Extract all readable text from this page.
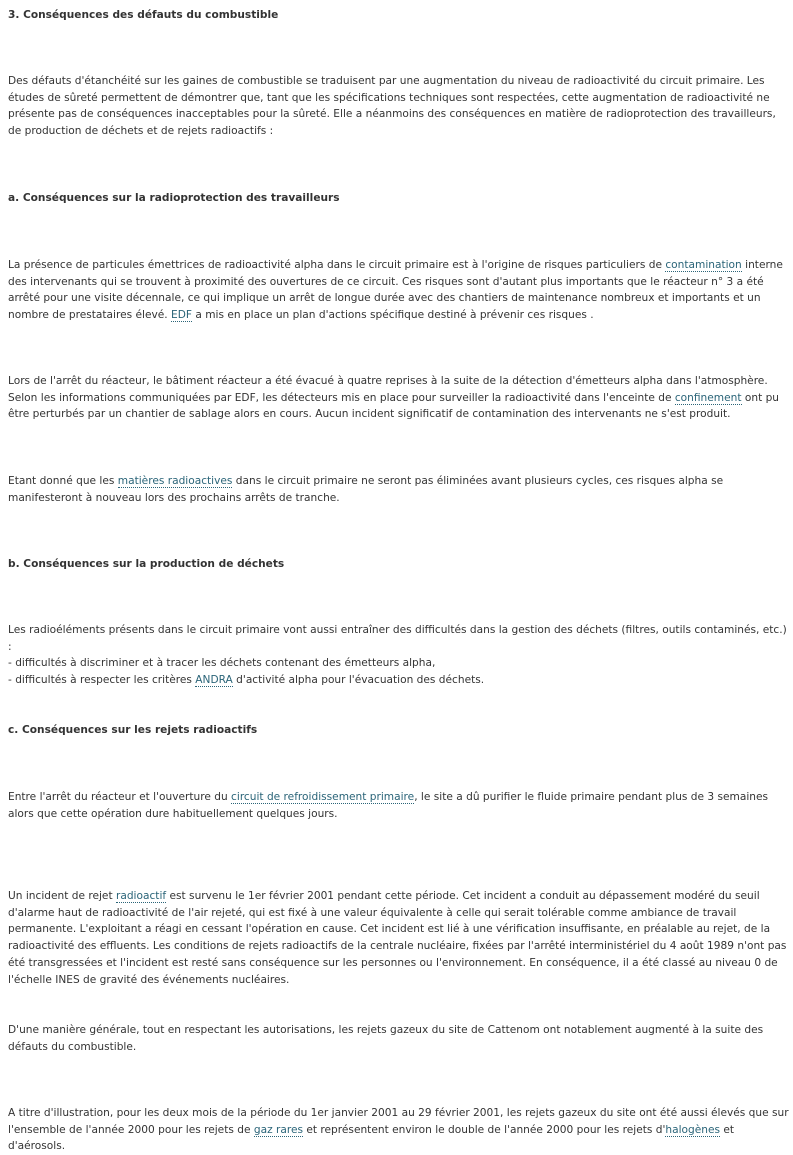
3. Conséquences des défauts du combustible

Des défauts d'étanchéité sur les gaines de combustible se traduisent par une augmentation du niveau de radioactivité du circuit primaire. Les études de sûreté permettent de démontrer que, tant que les spécifications techniques sont respectées, cette augmentation de radioactivité ne présente pas de conséquences inacceptables pour la sûreté. Elle a néanmoins des conséquences en matière de radioprotection des travailleurs, de production de déchets et de rejets radioactifs :

a. Conséquences sur la radioprotection des travailleurs

La présence de particules émettrices de radioactivité alpha dans le circuit primaire est à l'origine de risques particuliers de contamination interne des intervenants qui se trouvent à proximité des ouvertures de ce circuit. Ces risques sont d'autant plus importants que le réacteur n° 3 a été arrêté pour une visite décennale, ce qui implique un arrêt de longue durée avec des chantiers de maintenance nombreux et importants et un nombre de prestataires élevé. EDF a mis en place un plan d'actions spécifique destiné à prévenir ces risques .

Lors de l'arrêt du réacteur, le bâtiment réacteur a été évacué à quatre reprises à la suite de la détection d'émetteurs alpha dans l'atmosphère. Selon les informations communiquées par EDF, les détecteurs mis en place pour surveiller la radioactivité dans l'enceinte de confinement ont pu être perturbés par un chantier de sablage alors en cours. Aucun incident significatif de contamination des intervenants ne s'est produit.

Etant donné que les matières radioactives dans le circuit primaire ne seront pas éliminées avant plusieurs cycles, ces risques alpha se manifesteront à nouveau lors des prochains arrêts de tranche.

b. Conséquences sur la production de déchets

Les radioéléments présents dans le circuit primaire vont aussi entraîner des difficultés dans la gestion des déchets (filtres, outils contaminés, etc.) :
- difficultés à discriminer et à tracer les déchets contenant des émetteurs alpha,
- difficultés à respecter les critères ANDRA d'activité alpha pour l'évacuation des déchets.

c. Conséquences sur les rejets radioactifs

Entre l'arrêt du réacteur et l'ouverture du circuit de refroidissement primaire, le site a dû purifier le fluide primaire pendant plus de 3 semaines alors que cette opération dure habituellement quelques jours.

Un incident de rejet radioactif est survenu le 1er février 2001 pendant cette période. Cet incident a conduit au dépassement modéré du seuil d'alarme haut de radioactivité de l'air rejeté, qui est fixé à une valeur équivalente à celle qui serait tolérable comme ambiance de travail permanente. L'exploitant a réagi en cessant l'opération en cause. Cet incident est lié à une vérification insuffisante, en préalable au rejet, de la radioactivité des effluents. Les conditions de rejets radioactifs de la centrale nucléaire, fixées par l'arrêté interministériel du 4 août 1989 n'ont pas été transgressées et l'incident est resté sans conséquence sur les personnes ou l'environnement. En conséquence, il a été classé au niveau 0 de l'échelle INES de gravité des événements nucléaires.

D'une manière générale, tout en respectant les autorisations, les rejets gazeux du site de Cattenom ont notablement augmenté à la suite des défauts du combustible.

A titre d'illustration, pour les deux mois de la période du 1er janvier 2001 au 29 février 2001, les rejets gazeux du site ont été aussi élevés que sur l'ensemble de l'année 2000 pour les rejets de gaz rares et représentent environ le double de l'année 2000 pour les rejets d'halogènes et d'aérosols.
